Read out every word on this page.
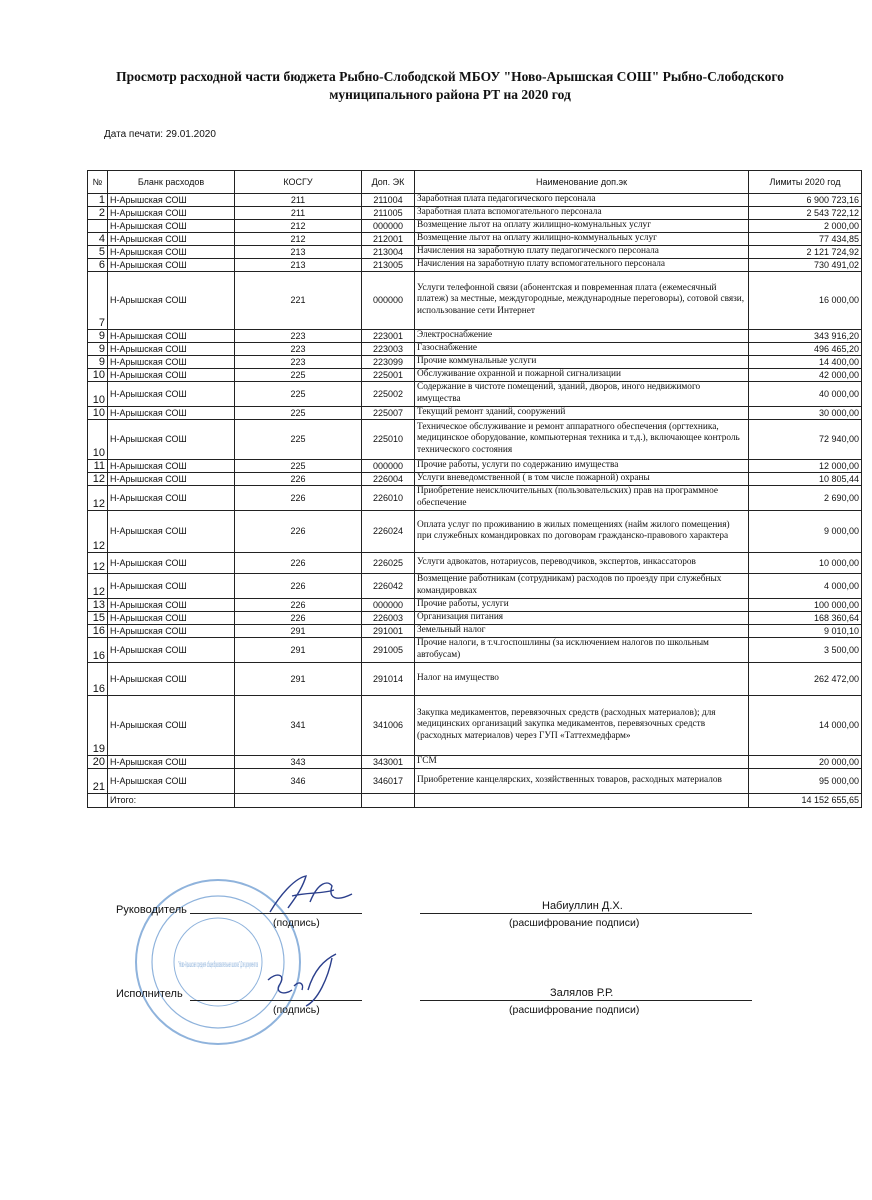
Просмотр расходной части бюджета Рыбно-Слободской МБОУ "Ново-Арышская СОШ" Рыбно-Слободского
муниципального района РТ на 2020 год
Дата печати: 29.01.2020
№	Бланк расходов	КОСГУ	Доп. ЭК	Наименование доп.эк	Лимиты 2020 год
1	Н-Арышская СОШ	211	211004	Заработная плата педагогического персонала	6 900 723,16
2	Н-Арышская СОШ	211	211005	Заработная плата вспомогательного персонала	2 543 722,12
	Н-Арышская СОШ	212	000000	Возмещение льгот на оплату жилищно-комунальных услуг	2 000,00
4	Н-Арышская СОШ	212	212001	Возмещение льгот на оплату жилищно-коммунальных услуг	77 434,85
5	Н-Арышская СОШ	213	213004	Начисления на заработную плату педагогического персонала	2 121 724,92
6	Н-Арышская СОШ	213	213005	Начисления на заработную плату вспомогательного персонала	730 491,02
7	Н-Арышская СОШ	221	000000	Услуги телефонной связи (абонентская и повременная плата (ежемесячный платеж) за местные, междугородные, международные переговоры), сотовой связи, использование сети Интернет	16 000,00
9	Н-Арышская СОШ	223	223001	Электроснабжение	343 916,20
9	Н-Арышская СОШ	223	223003	Газоснабжение	496 465,20
9	Н-Арышская СОШ	223	223099	Прочие коммунальные услуги	14 400,00
10	Н-Арышская СОШ	225	225001	Обслуживание охранной и пожарной сигнализации	42 000,00
10	Н-Арышская СОШ	225	225002	Содержание в чистоте помещений, зданий, дворов, иного недвижимого имущества	40 000,00
10	Н-Арышская СОШ	225	225007	Текущий ремонт зданий, сооружений	30 000,00
10	Н-Арышская СОШ	225	225010	Техническое обслуживание и ремонт аппаратного обеспечения (оргтехника, медицинское оборудование, компьютерная техника и т.д.), включающее контроль технического состояния	72 940,00
11	Н-Арышская СОШ	225	000000	Прочие работы, услуги по содержанию имущества	12 000,00
12	Н-Арышская СОШ	226	226004	Услуги вневедомственной ( в том числе пожарной) охраны	10 805,44
12	Н-Арышская СОШ	226	226010	Приобретение неисключительных (пользовательских) прав на программное обеспечение	2 690,00
12	Н-Арышская СОШ	226	226024	Оплата услуг по проживанию в жилых помещениях (найм жилого помещения) при служебных командировках по договорам гражданско-правового характера	9 000,00
12	Н-Арышская СОШ	226	226025	Услуги адвокатов, нотариусов, переводчиков, экспертов, инкассаторов	10 000,00
12	Н-Арышская СОШ	226	226042	Возмещение работникам (сотрудникам) расходов по проезду при служебных командировках	4 000,00
13	Н-Арышская СОШ	226	000000	Прочие работы, услуги	100 000,00
15	Н-Арышская СОШ	226	226003	Организация питания	168 360,64
16	Н-Арышская СОШ	291	291001	Земельный налог	9 010,10
16	Н-Арышская СОШ	291	291005	Прочие налоги, в т.ч.госпошлины (за исключением налогов по школьным автобусам)	3 500,00
16	Н-Арышская СОШ	291	291014	Налог на имущество	262 472,00
19	Н-Арышская СОШ	341	341006	Закупка медикаментов, перевязочных средств (расходных материалов); для медицинских организаций закупка медикаментов, перевязочных средств (расходных материалов) через ГУП «Таттехмедфарм»	14 000,00
20	Н-Арышская СОШ	343	343001	ГСМ	20 000,00
21	Н-Арышская СОШ	346	346017	Приобретение канцелярских, хозяйственных товаров, расходных материалов	95 000,00
	Итого:				14 152 655,65
"Ново-Арышская средняя общеобразовательная школа" Для документов
Руководитель
(подпись)
Набиуллин Д.Х.
(расшифрование подписи)
Исполнитель
(подпись)
Залялов Р.Р.
(расшифрование подписи)
